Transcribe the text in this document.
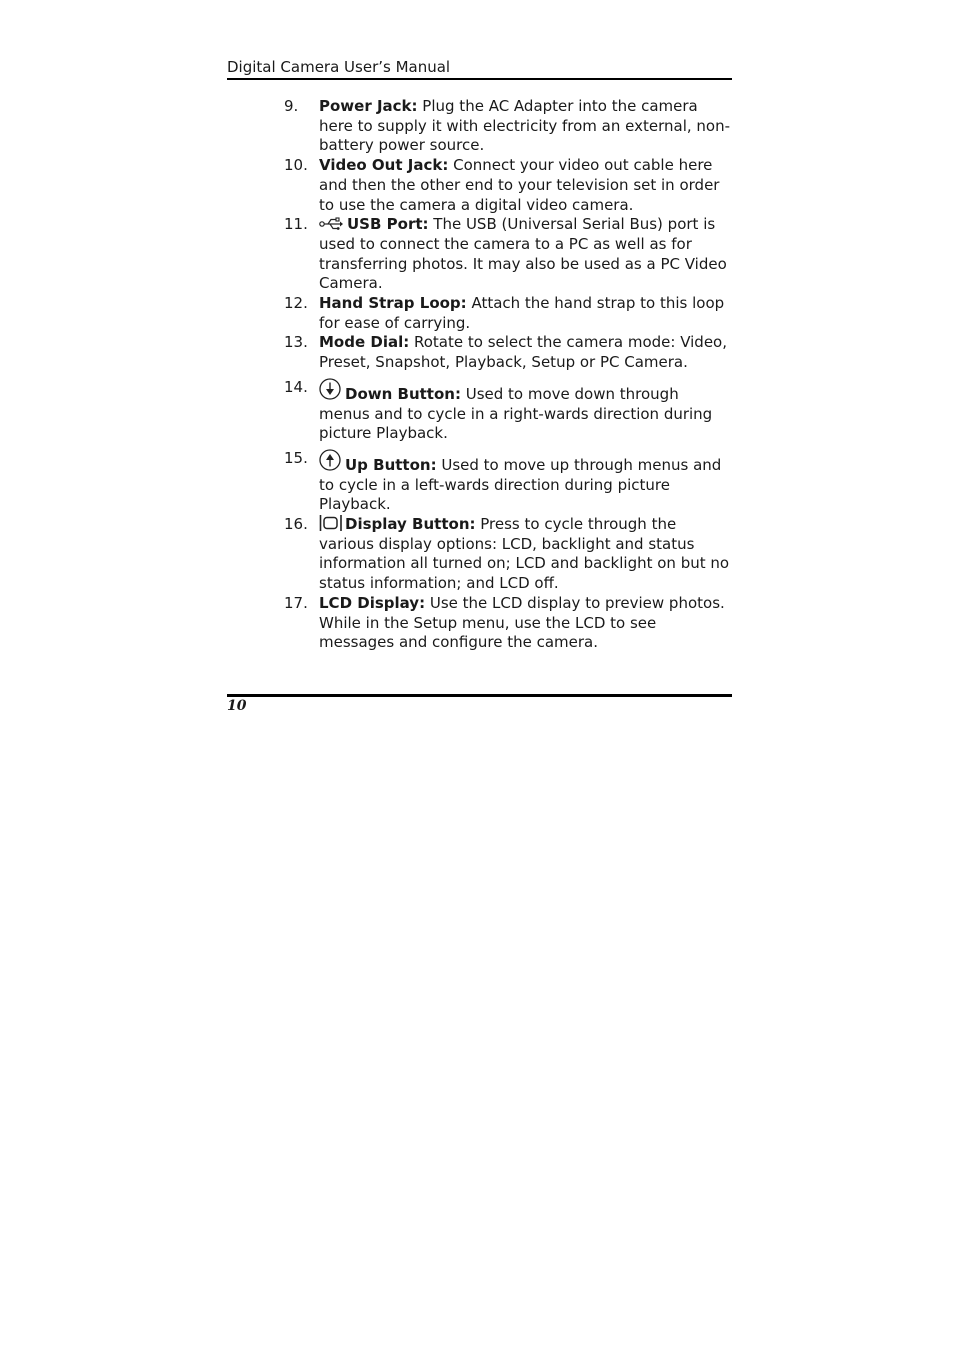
Digital Camera User’s Manual
9. Power Jack: Plug the AC Adapter into the camera here to supply it with electricity from an external, non-battery power source.
10. Video Out Jack: Connect your video out cable here and then the other end to your television set in order to use the camera a digital video camera.
11.	USB Port: The USB (Universal Serial Bus) port is used to connect the camera to a PC as well as for transferring photos. It may also be used as a PC Video Camera.
12. Hand Strap Loop: Attach the hand strap to this loop for ease of carrying.
13. Mode Dial: Rotate to select the camera mode: Video, Preset, Snapshot, Playback, Setup or PC Camera.
14. Down Button: Used to move down through menus and to cycle in a right-wards direction during picture Playback.
15. Up Button: Used to move up through menus and to cycle in a left-wards direction during picture Playback.
16. Display Button: Press to cycle through the various display options: LCD, backlight and status information all turned on; LCD and backlight on but no status information; and LCD off.
17. LCD Display: Use the LCD display to preview photos. While in the Setup menu, use the LCD to see messages and configure the camera.
10
